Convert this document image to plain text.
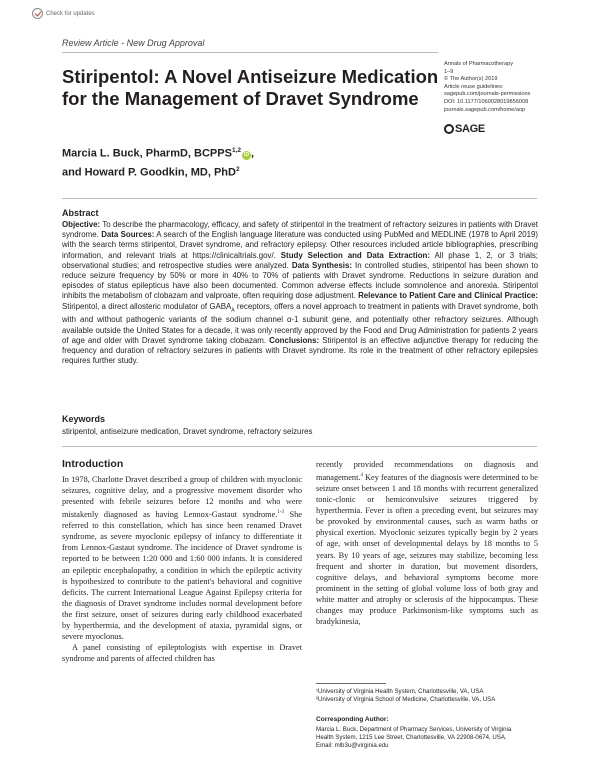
Check for updates
Review Article - New Drug Approval
Annals of Pharmacotherapy
1–9
© The Author(s) 2019
Article reuse guidelines:
sagepub.com/journals-permissions
DOI: 10.1177/1060028019856008
journals.sagepub.com/home/aop
SAGE
Stiripentol: A Novel Antiseizure Medication
for the Management of Dravet Syndrome
Marcia L. Buck, PharmD, BCPPS$^{1,2}$iD ,
and Howard P. Goodkin, MD, PhD$^2$
Abstract
Objective: To describe the pharmacology, efficacy, and safety of stiripentol in the treatment of refractory seizures in patients with Dravet syndrome. Data Sources: A search of the English language literature was conducted using PubMed and MEDLINE (1978 to April 2019) with the search terms stiripentol, Dravet syndrome, and refractory epilepsy. Other resources included article bibliographies, prescribing information, and relevant trials at https://clinicaltrials.gov/. Study Selection and Data Extraction: All phase 1, 2, or 3 trials; observational studies; and retrospective studies were analyzed. Data Synthesis: In controlled studies, stiripentol has been shown to reduce seizure frequency by 50% or more in 40% to 70% of patients with Dravet syndrome. Reductions in seizure duration and episodes of status epilepticus have also been documented. Common adverse effects include somnolence and anorexia. Stiripentol inhibits the metabolism of clobazam and valproate, often requiring dose adjustment. Relevance to Patient Care and Clinical Practice: Stiripentol, a direct allosteric modulator of $GABA_A$ receptors, offers a novel approach to treatment in patients with Dravet syndrome, both with and without pathogenic variants of the sodium channel α-1 subunit gene, and potentially other refractory seizures. Although available outside the United States for a decade, it was only recently approved by the Food and Drug Administration for patients 2 years of age and older with Dravet syndrome taking clobazam. Conclusions: Stiripentol is an effective adjunctive therapy for reducing the frequency and duration of refractory seizures in patients with Dravet syndrome. Its role in the treatment of other refractory epilepsies requires further study.
Keywords
stiripentol, antiseizure medication, Dravet syndrome, refractory seizures
Introduction

In 1978, Charlotte Dravet described a group of children with myoclonic seizures, cognitive delay, and a progressive movement disorder who presented with febrile seizures before 12 months and who were mistakenly diagnosed as having Lennox-Gastaut syndrome.$^{1-3}$ She referred to this constellation, which has since been renamed Dravet syndrome, as severe myoclonic epilepsy of infancy to differentiate it from Lennox-Gastaut syndrome. The incidence of Dravet syndrome is reported to be between 1:20 000 and 1:60 000 infants. It is considered an epileptic encephalopathy, a condition in which the epileptic activity is hypothesized to contribute to the patient's behavioral and cognitive deficits. The current International League Against Epilepsy criteria for the diagnosis of Dravet syndrome includes normal development before the first seizure, onset of seizures during early childhood exacerbated by hyperthermia, and the development of ataxia, pyramidal signs, or severe myoclonus.

A panel consisting of epileptologists with expertise in Dravet syndrome and parents of affected children has

recently provided recommendations on diagnosis and management.$^4$ Key features of the diagnosis were determined to be seizure onset between 1 and 18 months with recurrent generalized tonic-clonic or hemiconvulsive seizures triggered by hyperthermia. Fever is often a preceding event, but seizures may be provoked by environmental causes, such as warm baths or physical exertion. Myoclonic seizures typically begin by 2 years of age, with onset of developmental delays by 18 months to 5 years. By 10 years of age, seizures may stabilize, becoming less frequent and shorter in duration, but movement disorders, cognitive delays, and behavioral symptoms become more prominent in the setting of global volume loss of both gray and white matter and atrophy or sclerosis of the hippocampus. These changes may produce Parkinsonism-like symptoms such as bradykinesia,

¹University of Virginia Health System, Charlottesville, VA, USA
²University of Virginia School of Medicine, Charlottesville, VA, USA
Corresponding Author:
Marcia L. Buck, Department of Pharmacy Services, University of Virginia
Health System, 1215 Lee Street, Charlottesville, VA 22908-0674, USA.
Email: mlb3u@virginia.edu
